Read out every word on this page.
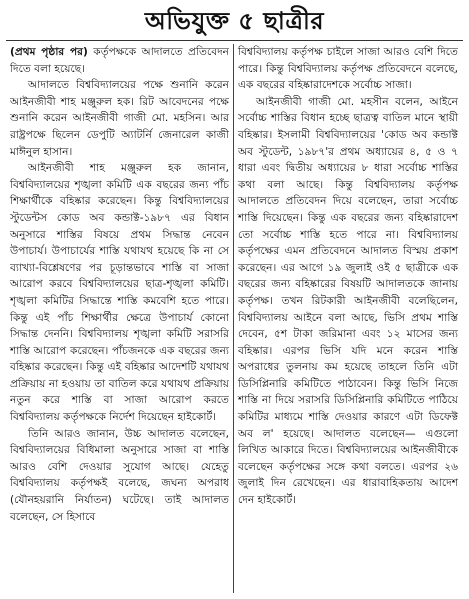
অভিযুক্ত ৫ ছাত্রীর

(প্রথম পৃষ্ঠার পর) কর্তৃপক্ষকে আদালতে প্রতিবেদন দিতে বলা হয়েছে।

আদালতে বিশ্ববিদ্যালয়ের পক্ষে শুনানি করেন আইনজীবী শাহ মঞ্জুরুল হক। রিট আবেদনের পক্ষে শুনানি করেন আইনজীবী গাজী মো. মহসিন। আর রাষ্ট্রপক্ষে ছিলেন ডেপুটি অ্যাটর্নি জেনারেল কাজী মাঈনুল হাসান।

আইনজীবী শাহ মঞ্জুরুল হক জানান, বিশ্ববিদ্যালয়ের শৃঙ্খলা কমিটি এক বছরের জন্য পাঁচ শিক্ষার্থীকে বহিষ্কার করেছেন। কিন্তু বিশ্ববিদ্যালয়ের স্টুডেন্টস কোড অব কন্ডাক্ট-১৯৮৭ এর বিধান অনুসারে শাস্তির বিষয়ে প্রথম সিদ্ধান্ত নেবেন উপাচার্য। উপাচার্যের শাস্তি যথাযথ হয়েছে কি না সে ব্যাখ্যা-বিশ্লেষণের পর চূড়ান্তভাবে শাস্তি বা সাজা আরোপ করবে বিশ্ববিদ্যালয়ের ছাত্র-শৃঙ্খলা কমিটি। শৃঙ্খলা কমিটির সিদ্ধান্তে শাস্তি কমবেশি হতে পারে। কিন্তু এই পাঁচ শিক্ষার্থীর ক্ষেত্রে উপাচার্য কোনো সিদ্ধান্ত দেননি। বিশ্ববিদ্যালয় শৃঙ্খলা কমিটি সরাসরি শাস্তি আরোপ করেছেন। পাঁচজনকে এক বছরের জন্য বহিষ্কার করেছেন। কিন্তু এই বহিষ্কার আদেশটি যথাযথ প্রক্রিয়ায় না হওয়ায় তা বাতিল করে যথাযথ প্রক্রিয়ায় নতুন করে শাস্তি বা সাজা আরোপ করতে বিশ্ববিদ্যালয় কর্তৃপক্ষকে নির্দেশ দিয়েছেন হাইকোর্ট।

তিনি আরও জানান, উচ্চ আদালত বলেছেন, বিশ্ববিদ্যালয়ের বিধিমালা অনুসারে সাজা বা শাস্তি আরও বেশি দেওয়ার সুযোগ আছে। যেহেতু বিশ্ববিদ্যালয় কর্তৃপক্ষই বলেছে, জঘন্য অপরাধ (যৌনহয়রানি নির্যাতন) ঘটেছে। তাই আদালত বলেছেন, সে হিসাবে

বিশ্ববিদ্যালয় কর্তৃপক্ষ চাইলে সাজা আরও বেশি দিতে পারে। কিন্তু বিশ্ববিদ্যালয় কর্তৃপক্ষ প্রতিবেদনে বলেছে, এক বছরের বহিষ্কারাদেশকে সর্বোচ্চ সাজা।

আইনজীবী গাজী মো. মহসীন বলেন, আইনে সর্বোচ্চ শাস্তির বিধান হচ্ছে ছাত্রত্ব বাতিল মানে স্থায়ী বহিষ্কার। ইসলামী বিশ্ববিদ্যালয়ের 'কোড অব কন্ডাক্ট অব স্টুডেন্ট, ১৯৮৭'র প্রথম অধ্যায়ের ৪, ৫ ও ৭ ধারা এবং দ্বিতীয় অধ্যায়ের ৮ ধারা সর্বোচ্চ শাস্তির কথা বলা আছে। কিন্তু বিশ্ববিদ্যালয় কর্তৃপক্ষ আদালতে প্রতিবেদন দিয়ে বলেছেন, তারা সর্বোচ্চ শাস্তি দিয়েছেন। কিন্তু এক বছরের জন্য বহিষ্কারাদেশ তো সর্বোচ্চ শাস্তি হতে পারে না। বিশ্ববিদ্যালয় কর্তৃপক্ষের এমন প্রতিবেদনে আদালত বিস্ময় প্রকাশ করেছেন। এর আগে ১৯ জুলাই ওই ৫ ছাত্রীকে এক বছরের জন্য বহিষ্কারের বিষয়টি আদালতকে জানায় কর্তৃপক্ষ। তখন রিটকারী আইনজীবী বলেছিলেন, বিশ্ববিদ্যালয় আইনে বলা আছে, ভিসি প্রথম শাস্তি দেবেন, ৫শ টাকা জরিমানা এবং ১২ মাসের জন্য বহিষ্কার। এরপর ভিসি যদি মনে করেন শাস্তি অপরাধের তুলনায় কম হয়েছে তাহলে তিনি এটা ডিসিপ্লিনারি কমিটিতে পাঠাবেন। কিন্তু ভিসি নিজে শাস্তি না দিয়ে সরাসরি ডিসিপ্লিনারি কমিটিতে পাঠিয়ে কমিটির মাধ্যমে শাস্তি দেওয়ার কারণে এটা ডিফেক্ট অব ল' হয়েছে। আদালত বলেছেন— এগুলো লিখিত আকারে দিতে। বিশ্ববিদ্যালয়ের আইনজীবীকে বলেছেন কর্তৃপক্ষের সঙ্গে কথা বলতে। এরপর ২৬ জুলাই দিন রেখেছেন। এর ধারাবাহিকতায় আদেশ দেন হাইকোর্ট।
